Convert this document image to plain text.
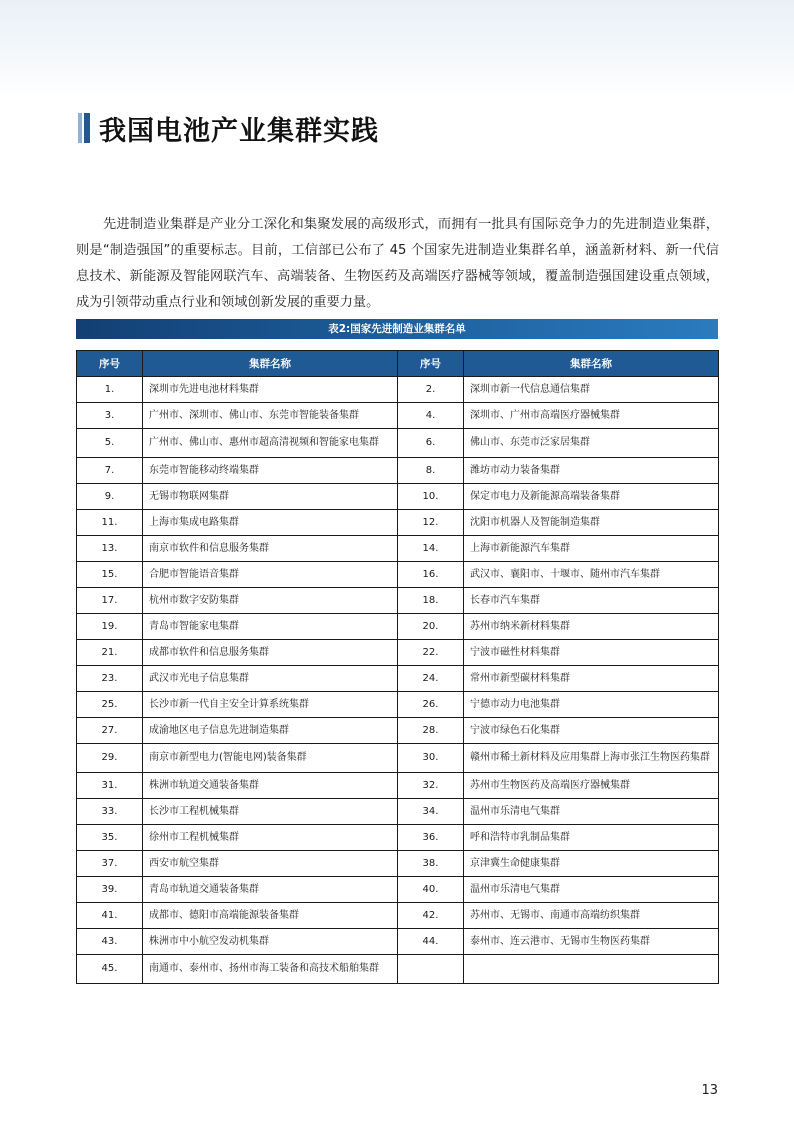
我国电池产业集群实践

先进制造业集群是产业分工深化和集聚发展的高级形式，而拥有一批具有国际竞争力的先进制造业集群，则是“制造强国”的重要标志。目前，工信部已公布了 45 个国家先进制造业集群名单，涵盖新材料、新一代信息技术、新能源及智能网联汽车、高端装备、生物医药及高端医疗器械等领域，覆盖制造强国建设重点领域，成为引领带动重点行业和领域创新发展的重要力量。

表2:国家先进制造业集群名单
序号	集群名称	序号	集群名称
1.	深圳市先进电池材料集群	2.	深圳市新一代信息通信集群
3.	广州市、深圳市、佛山市、东莞市智能装备集群	4.	深圳市、广州市高端医疗器械集群
5.	广州市、佛山市、惠州市超高清视频和智能家电集群	6.	佛山市、东莞市泛家居集群
7.	东莞市智能移动终端集群	8.	潍坊市动力装备集群
9.	无锡市物联网集群	10.	保定市电力及新能源高端装备集群
11.	上海市集成电路集群	12.	沈阳市机器人及智能制造集群
13.	南京市软件和信息服务集群	14.	上海市新能源汽车集群
15.	合肥市智能语音集群	16.	武汉市、襄阳市、十堰市、随州市汽车集群
17.	杭州市数字安防集群	18.	长春市汽车集群
19.	青岛市智能家电集群	20.	苏州市纳米新材料集群
21.	成都市软件和信息服务集群	22.	宁波市磁性材料集群
23.	武汉市光电子信息集群	24.	常州市新型碳材料集群
25.	长沙市新一代自主安全计算系统集群	26.	宁德市动力电池集群
27.	成渝地区电子信息先进制造集群	28.	宁波市绿色石化集群
29.	南京市新型电力(智能电网)装备集群	30.	赣州市稀土新材料及应用集群上海市张江生物医药集群
31.	株洲市轨道交通装备集群	32.	苏州市生物医药及高端医疗器械集群
33.	长沙市工程机械集群	34.	温州市乐清电气集群
35.	徐州市工程机械集群	36.	呼和浩特市乳制品集群
37.	西安市航空集群	38.	京津冀生命健康集群
39.	青岛市轨道交通装备集群	40.	温州市乐清电气集群
41.	成都市、德阳市高端能源装备集群	42.	苏州市、无锡市、南通市高端纺织集群
43.	株洲市中小航空发动机集群	44.	泰州市、连云港市、无锡市生物医药集群
45.	南通市、泰州市、扬州市海工装备和高技术船舶集群		
13
